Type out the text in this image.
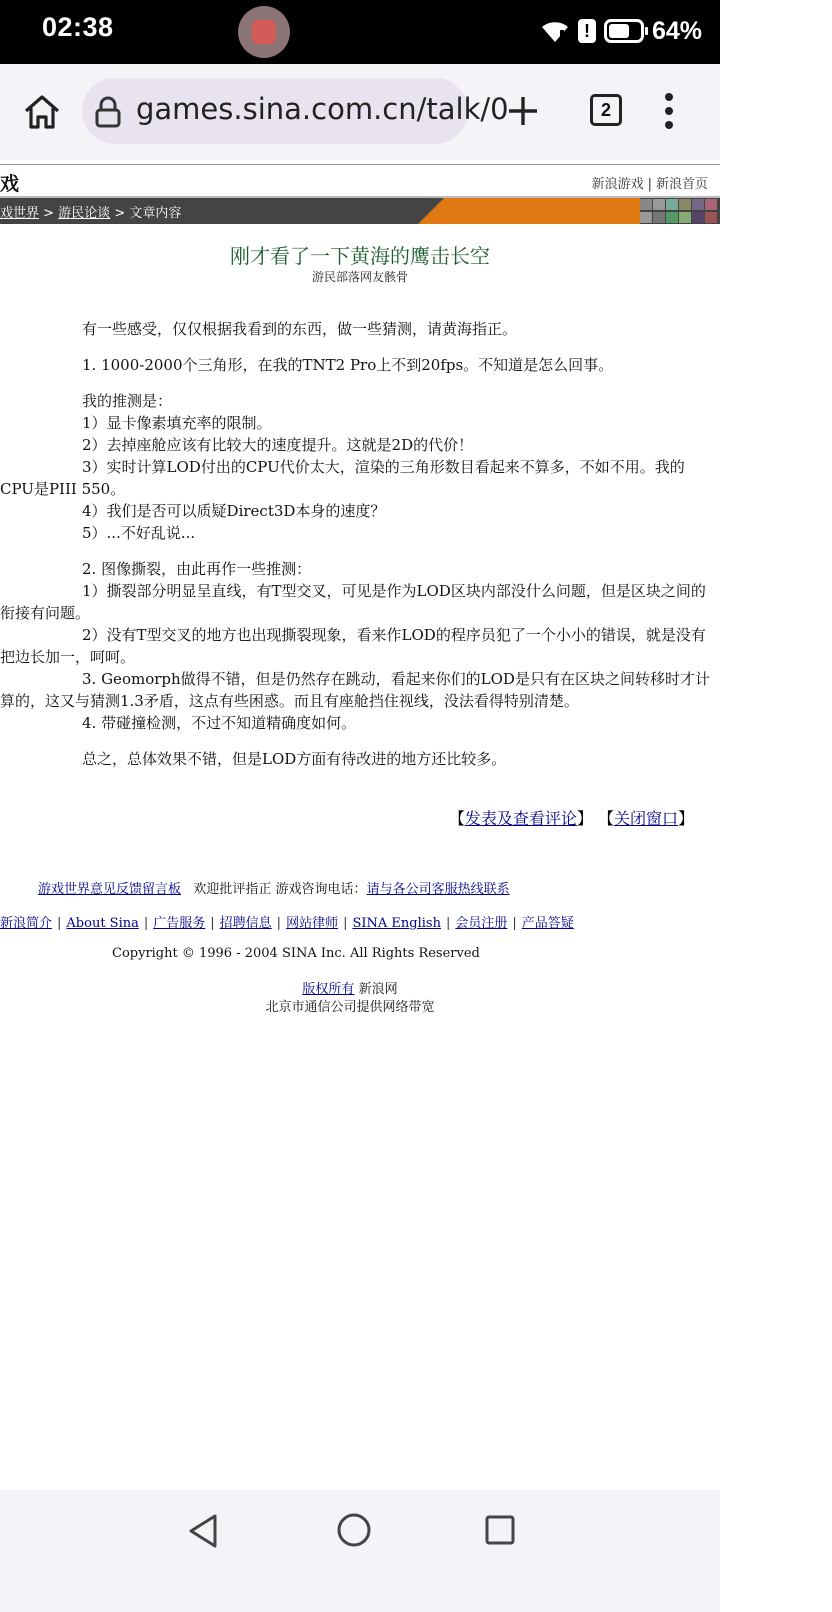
02:38	! 64%
games.sina.com.cn/talk/0	2
戏	新浪游戏 | 新浪首页
戏世界 > 游民论谈 > 文章内容
刚才看了一下黄海的鹰击长空
游民部落网友骸骨

有一些感受，仅仅根据我看到的东西，做一些猜测，请黄海指正。

1. 1000-2000个三角形，在我的TNT2 Pro上不到20fps。不知道是怎么回事。

我的推测是：

1）显卡像素填充率的限制。

2）去掉座舱应该有比较大的速度提升。这就是2D的代价！

3）实时计算LOD付出的CPU代价太大，渲染的三角形数目看起来不算多，不如不用。我的CPU是PIII 550。

4）我们是否可以质疑Direct3D本身的速度？

5）...不好乱说...

2. 图像撕裂，由此再作一些推测：

1）撕裂部分明显呈直线，有T型交叉，可见是作为LOD区块内部没什么问题，但是区块之间的衔接有问题。

2）没有T型交叉的地方也出现撕裂现象，看来作LOD的程序员犯了一个小小的错误，就是没有把边长加一，呵呵。

3. Geomorph做得不错，但是仍然存在跳动，看起来你们的LOD是只有在区块之间转移时才计算的，这又与猜测1.3矛盾，这点有些困惑。而且有座舱挡住视线，没法看得特别清楚。

4. 带碰撞检测，不过不知道精确度如何。

总之，总体效果不错，但是LOD方面有待改进的地方还比较多。

【发表及查看评论】 【关闭窗口】
游戏世界意见反馈留言板 欢迎批评指正 游戏咨询电话：请与各公司客服热线联系
新浪简介 | About Sina | 广告服务 | 招聘信息 | 网站律师 | SINA English | 会员注册 | 产品答疑
Copyright © 1996 - 2004 SINA Inc. All Rights Reserved
版权所有 新浪网
北京市通信公司提供网络带宽
